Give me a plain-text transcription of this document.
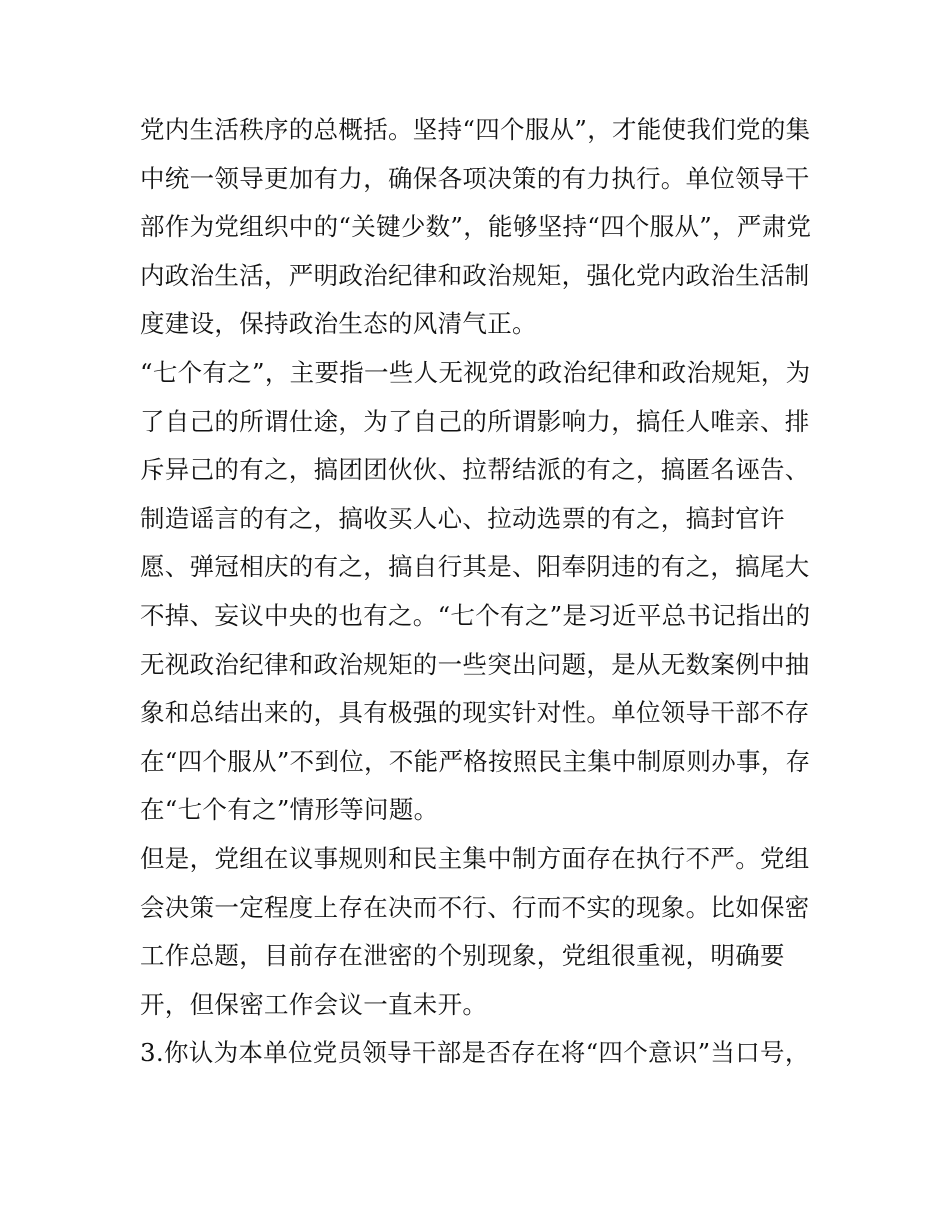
党内生活秩序的总概括。坚持“四个服从”，才能使我们党的集
中统一领导更加有力，确保各项决策的有力执行。单位领导干
部作为党组织中的“关键少数”，能够坚持“四个服从”，严肃党
内政治生活，严明政治纪律和政治规矩，强化党内政治生活制
度建设，保持政治生态的风清气正。
“七个有之”，主要指一些人无视党的政治纪律和政治规矩，为
了自己的所谓仕途，为了自己的所谓影响力，搞任人唯亲、排
斥异己的有之，搞团团伙伙、拉帮结派的有之，搞匿名诬告、
制造谣言的有之，搞收买人心、拉动选票的有之，搞封官许
愿、弹冠相庆的有之，搞自行其是、阳奉阴违的有之，搞尾大
不掉、妄议中央的也有之。“七个有之”是习近平总书记指出的
无视政治纪律和政治规矩的一些突出问题，是从无数案例中抽
象和总结出来的，具有极强的现实针对性。单位领导干部不存
在“四个服从”不到位，不能严格按照民主集中制原则办事，存
在“七个有之”情形等问题。
但是，党组在议事规则和民主集中制方面存在执行不严。党组
会决策一定程度上存在决而不行、行而不实的现象。比如保密
工作总题，目前存在泄密的个别现象，党组很重视，明确要
开，但保密工作会议一直未开。
3.你认为本单位党员领导干部是否存在将“四个意识”当口号，
